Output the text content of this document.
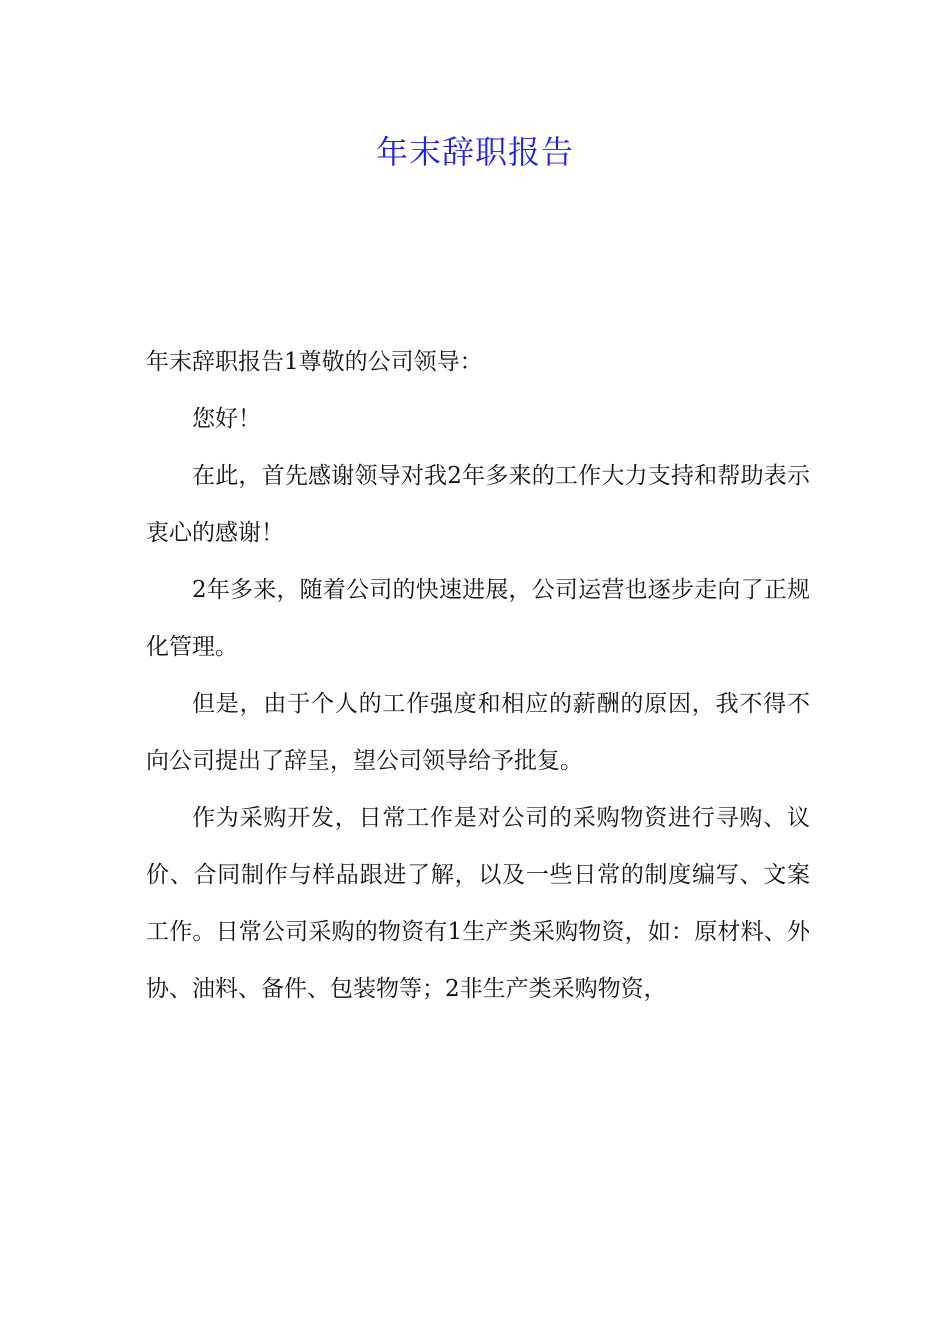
年末辞职报告

年末辞职报告1尊敬的公司领导：

您好！

在此，首先感谢领导对我2年多来的工作大力支持和帮助表示衷心的感谢！

2年多来，随着公司的快速进展，公司运营也逐步走向了正规化管理。

但是，由于个人的工作强度和相应的薪酬的原因，我不得不向公司提出了辞呈，望公司领导给予批复。

作为采购开发，日常工作是对公司的采购物资进行寻购、议价、合同制作与样品跟进了解，以及一些日常的制度编写、文案工作。日常公司采购的物资有1生产类采购物资，如：原材料、外协、油料、备件、包装物等；2非生产类采购物资，
